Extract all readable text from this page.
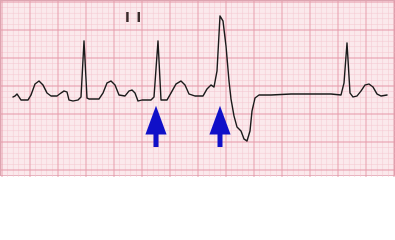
I I
